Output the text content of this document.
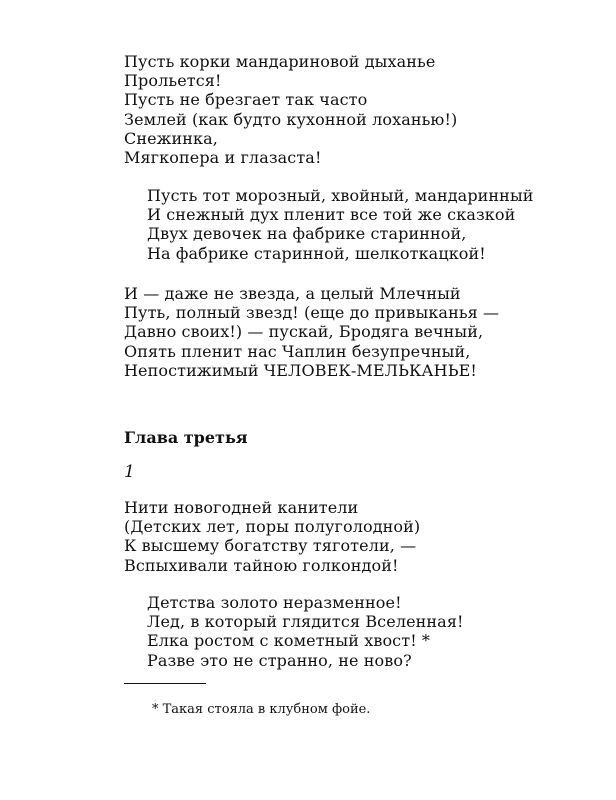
Пусть корки мандариновой дыханье
Прольется!
Пусть не брезгает так часто
Землей (как будто кухонной лоханью!)
Снежинка,
Мягкопера и глазаста!
Пусть тот морозный, хвойный, мандаринный
И снежный дух пленит все той же сказкой
Двух девочек на фабрике старинной,
На фабрике старинной, шелкоткацкой!
И — даже не звезда, а целый Млечный
Путь, полный звезд! (еще до привыканья —
Давно своих!) — пускай, Бродяга вечный,
Опять пленит нас Чаплин безупречный,
Непостижимый ЧЕЛОВЕК-МЕЛЬКАНЬЕ!
Глава третья
1
Нити новогодней канители
(Детских лет, поры полуголодной)
К высшему богатству тяготели, —
Вспыхивали тайною голкондой!
Детства золото неразменное!
Лед, в который глядится Вселенная!
Елка ростом с кометный хвост! *
Разве это не странно, не ново?
* Такая стояла в клубном фойе.
